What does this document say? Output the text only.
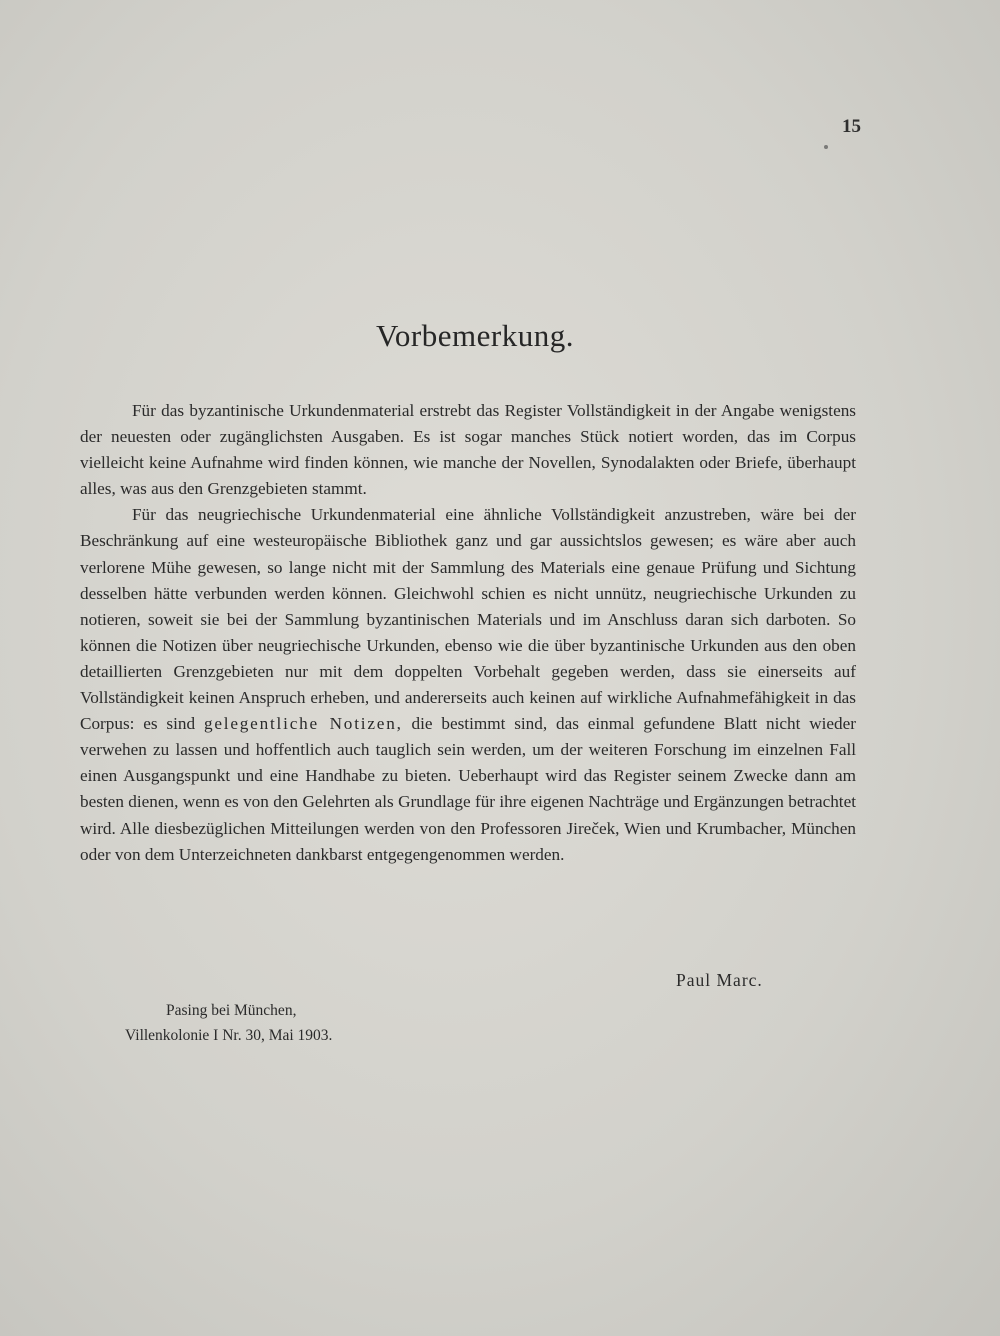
15
Vorbemerkung.

Für das byzantinische Urkundenmaterial erstrebt das Register Vollständigkeit in der Angabe wenigstens der neuesten oder zugänglichsten Ausgaben. Es ist sogar manches Stück notiert worden, das im Corpus vielleicht keine Aufnahme wird finden können, wie manche der Novellen, Synodalakten oder Briefe, überhaupt alles, was aus den Grenzgebieten stammt.

Für das neugriechische Urkundenmaterial eine ähnliche Vollständigkeit anzustreben, wäre bei der Beschränkung auf eine westeuropäische Bibliothek ganz und gar aussichtslos gewesen; es wäre aber auch verlorene Mühe gewesen, so lange nicht mit der Sammlung des Materials eine genaue Prüfung und Sichtung desselben hätte verbunden werden können. Gleichwohl schien es nicht unnütz, neugriechische Urkunden zu notieren, soweit sie bei der Sammlung byzantinischen Materials und im Anschluss daran sich darboten. So können die Notizen über neugriechische Urkunden, ebenso wie die über byzantinische Urkunden aus den oben detaillierten Grenzgebieten nur mit dem doppelten Vorbehalt gegeben werden, dass sie einerseits auf Vollständigkeit keinen Anspruch erheben, und andererseits auch keinen auf wirkliche Aufnahmefähigkeit in das Corpus: es sind gelegentliche Notizen, die bestimmt sind, das einmal gefundene Blatt nicht wieder verwehen zu lassen und hoffentlich auch tauglich sein werden, um der weiteren Forschung im einzelnen Fall einen Ausgangspunkt und eine Handhabe zu bieten. Ueberhaupt wird das Register seinem Zwecke dann am besten dienen, wenn es von den Gelehrten als Grundlage für ihre eigenen Nachträge und Ergänzungen betrachtet wird. Alle diesbezüglichen Mitteilungen werden von den Professoren Jireček, Wien und Krumbacher, München oder von dem Unterzeichneten dankbarst entgegengenommen werden.

Paul Marc.
Pasing bei München,
Villenkolonie I Nr. 30, Mai 1903.
